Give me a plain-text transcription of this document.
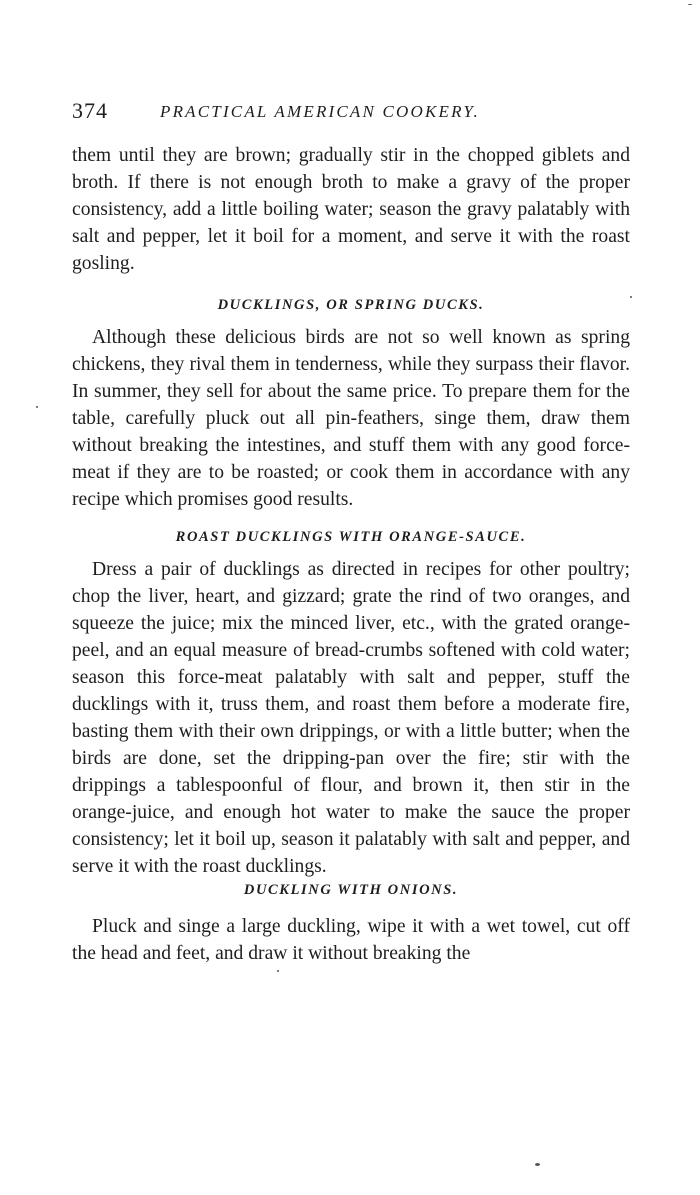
374	PRACTICAL AMERICAN COOKERY.

them until they are brown; gradually stir in the chopped giblets and broth. If there is not enough broth to make a gravy of the proper consistency, add a little boiling water; season the gravy palatably with salt and pepper, let it boil for a moment, and serve it with the roast gosling.

DUCKLINGS, OR SPRING DUCKS.

Although these delicious birds are not so well known as spring chickens, they rival them in tenderness, while they surpass their flavor. In summer, they sell for about the same price. To prepare them for the table, carefully pluck out all pin-feathers, singe them, draw them without breaking the intestines, and stuff them with any good force-meat if they are to be roasted; or cook them in accordance with any recipe which promises good results.

ROAST DUCKLINGS WITH ORANGE-SAUCE.

Dress a pair of ducklings as directed in recipes for other poultry; chop the liver, heart, and gizzard; grate the rind of two oranges, and squeeze the juice; mix the minced liver, etc., with the grated orange-peel, and an equal measure of bread-crumbs softened with cold water; season this force-meat palatably with salt and pepper, stuff the ducklings with it, truss them, and roast them before a moderate fire, basting them with their own drippings, or with a little butter; when the birds are done, set the dripping-pan over the fire; stir with the drippings a tablespoonful of flour, and brown it, then stir in the orange-juice, and enough hot water to make the sauce the proper consistency; let it boil up, season it palatably with salt and pepper, and serve it with the roast ducklings.

DUCKLING WITH ONIONS.

Pluck and singe a large duckling, wipe it with a wet towel, cut off the head and feet, and draw it without breaking the
